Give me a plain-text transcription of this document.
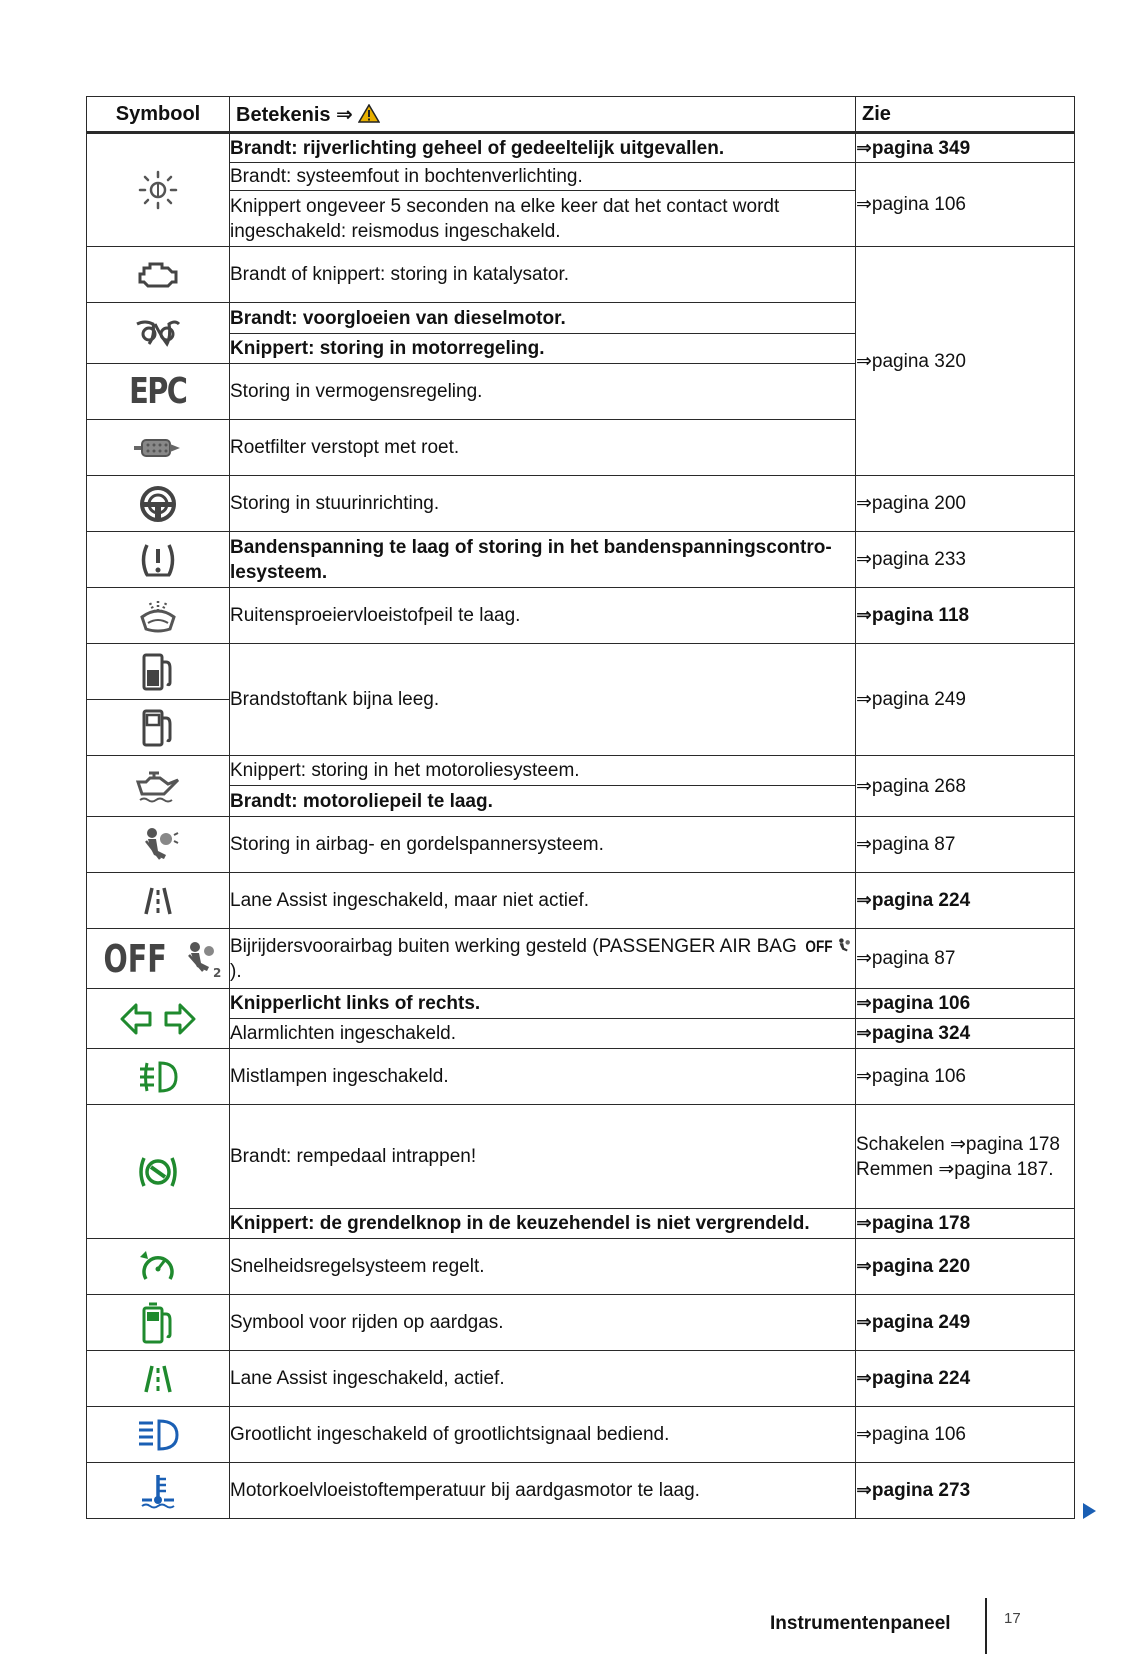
Symbool	Betekenis ⇒	Zie

	Brandt: rijverlichting geheel of gedeeltelijk uitgevallen.	⇒pagina 349
	Brandt: systeemfout in bochtenverlichting.	⇒pagina 106
	Knippert ongeveer 5 seconden na elke keer dat het contact wordt ingeschakeld: reismodus ingeschakeld.	

	Brandt of knippert: storing in katalysator.	⇒pagina 320

	Brandt: voorgloeien van dieselmotor.	
	Knippert: storing in motorregeling.	
EPC	Storing in vermogensregeling.	

	Roetfilter verstopt met roet.	

	Storing in stuurinrichting.	⇒pagina 200

	Bandenspanning te laag of storing in het bandenspanningscontro-lesysteem.	⇒pagina 233

	Ruitensproeiervloeistofpeil te laag.	⇒pagina 118

	Brandstoftank bijna leeg.	⇒pagina 249

	Knippert: storing in het motoroliesysteem.	⇒pagina 268
	Brandt: motoroliepeil te laag.	

	Storing in airbag- en gordelspannersysteem.	⇒pagina 87

	Lane Assist ingeschakeld, maar niet actief.	⇒pagina 224
OFF 2	Bijrijdersvoorairbag buiten werking gesteld (PASSENGER AIR BAG OFF).	⇒pagina 87

	Knipperlicht links of rechts.	⇒pagina 106
	Alarmlichten ingeschakeld.	⇒pagina 324

	Mistlampen ingeschakeld.	⇒pagina 106

	Brandt: rempedaal intrappen!	Schakelen ⇒pagina 178
Remmen ⇒pagina 187.

	Knippert: de grendelknop in de keuzehendel is niet vergrendeld.	⇒pagina 178

	Snelheidsregelsysteem regelt.	⇒pagina 220

	Symbool voor rijden op aardgas.	⇒pagina 249

	Lane Assist ingeschakeld, actief.	⇒pagina 224

	Grootlicht ingeschakeld of grootlichtsignaal bediend.	⇒pagina 106

	Motorkoelvloeistoftemperatuur bij aardgasmotor te laag.	⇒pagina 273
Instrumentenpaneel	17
